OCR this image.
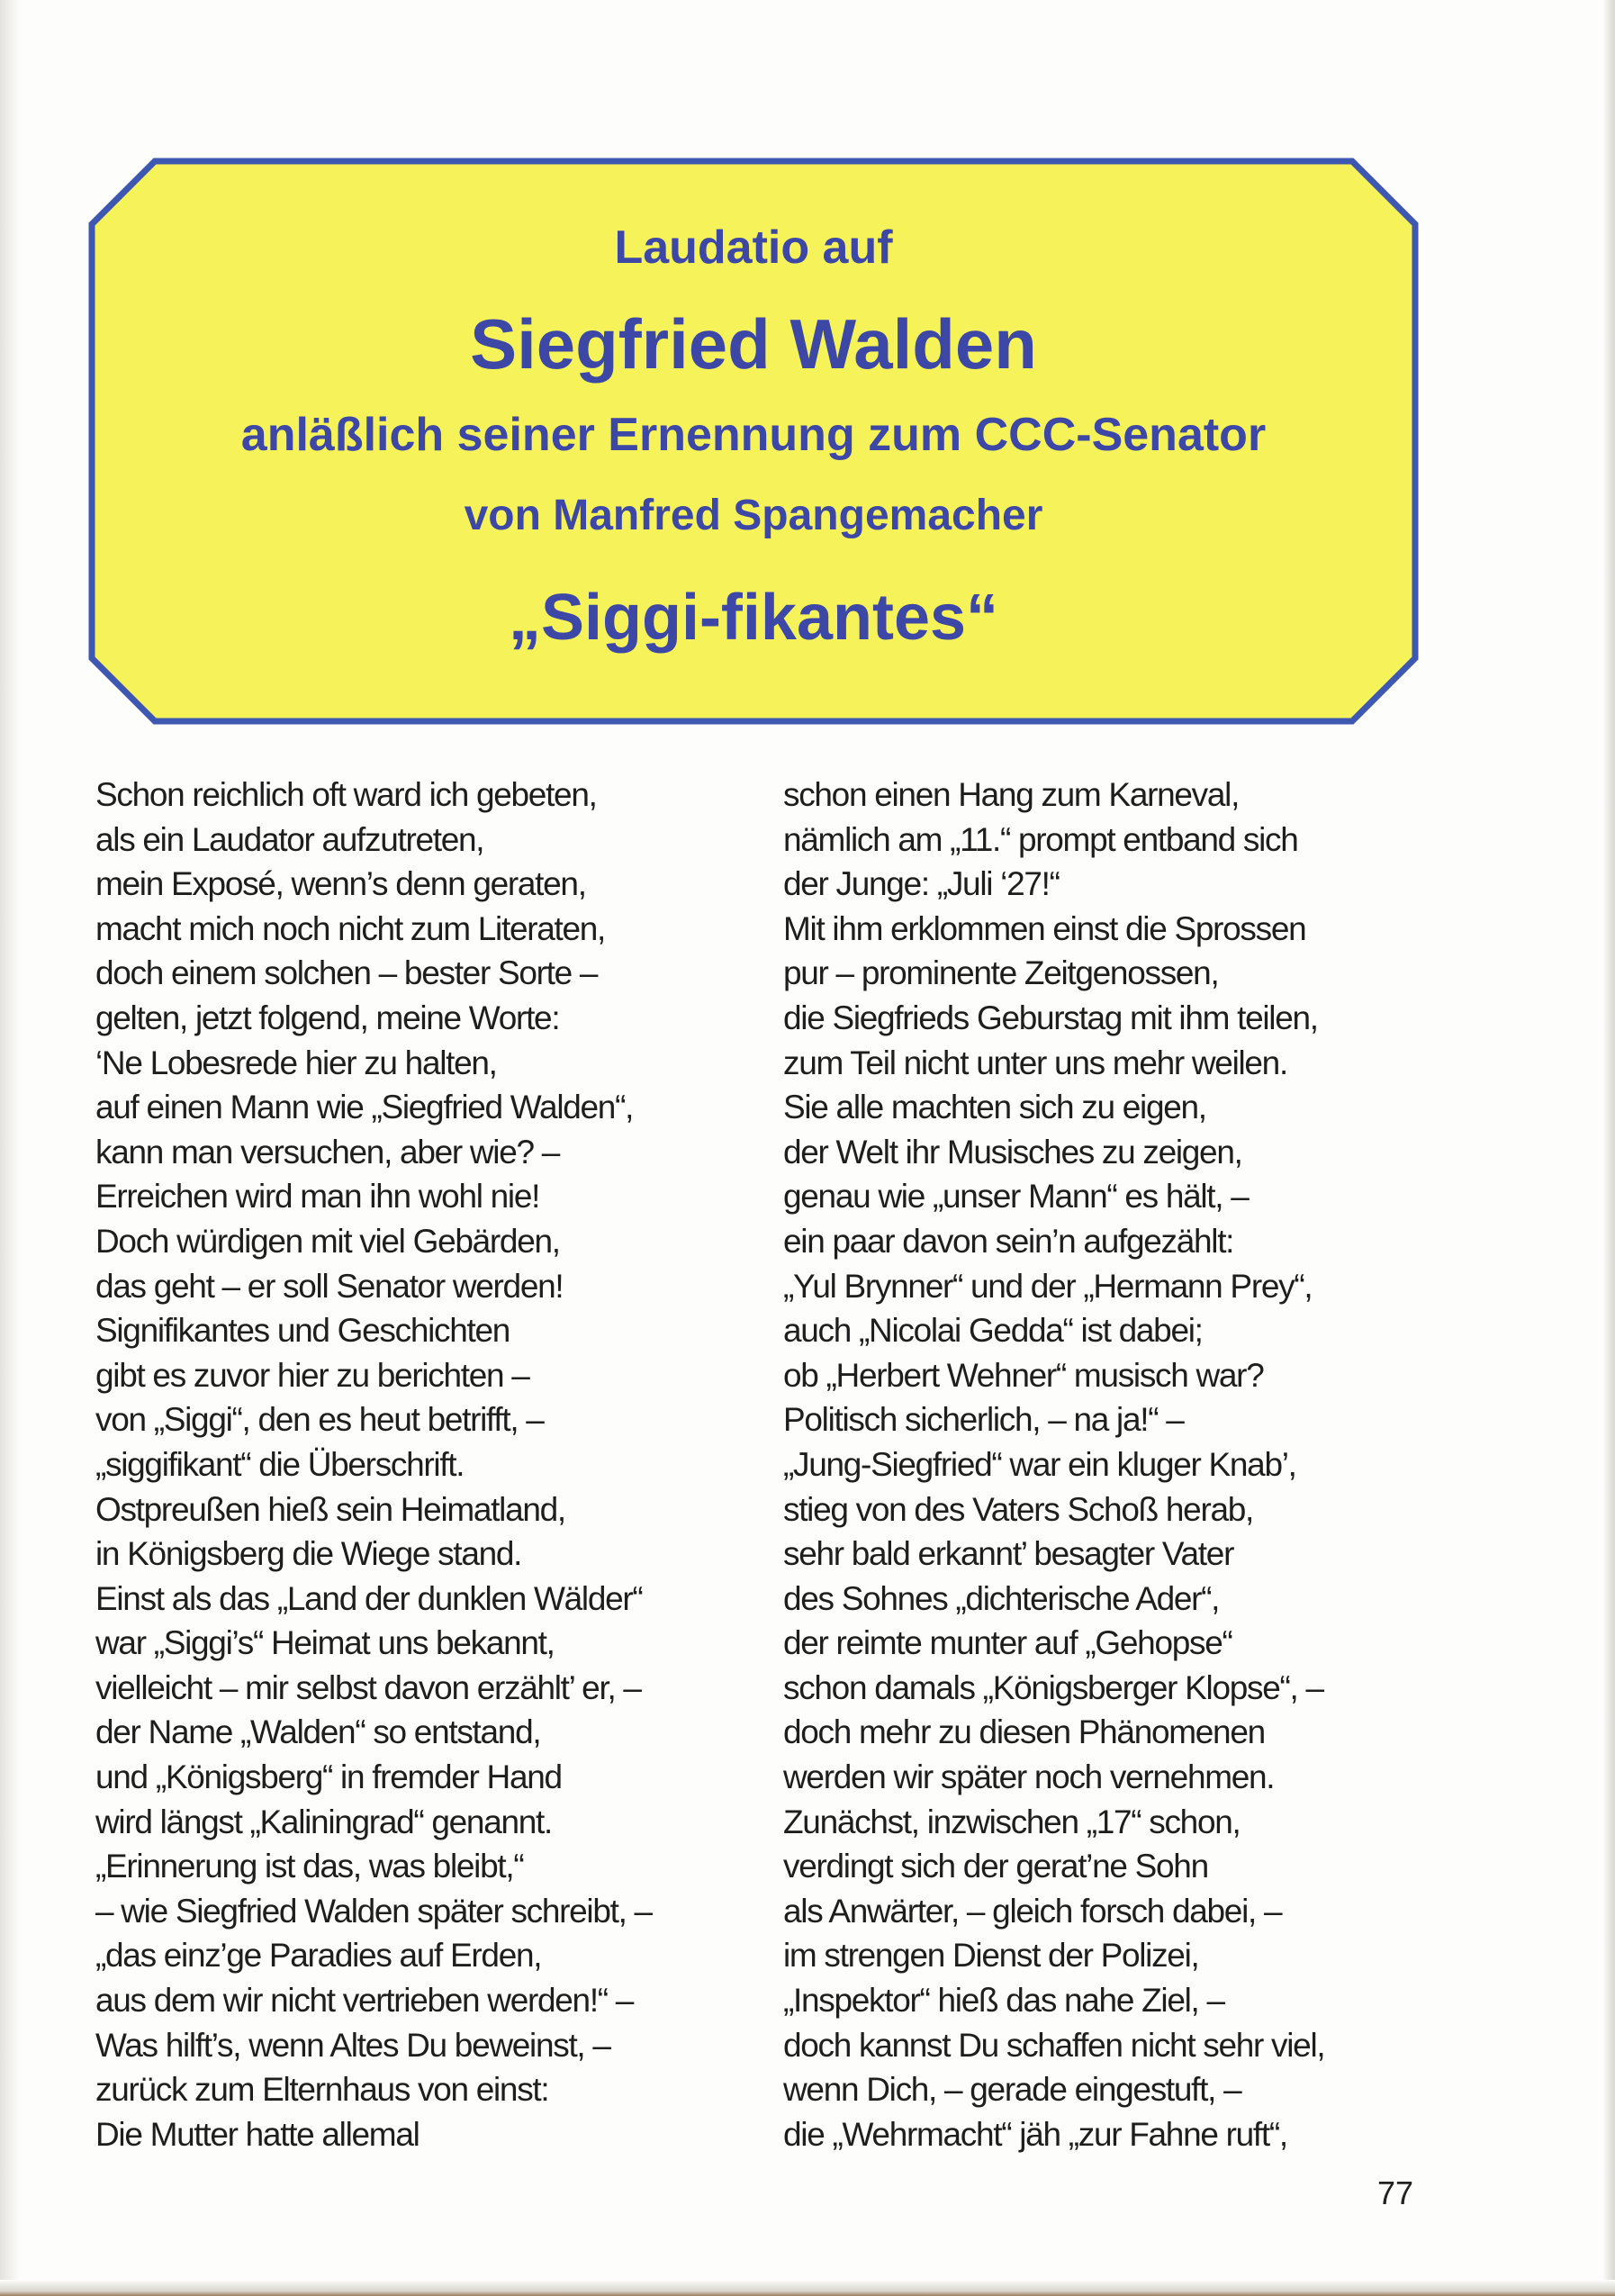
Laudatio auf
Siegfried Walden
anläßlich seiner Ernennung zum CCC-Senator
von Manfred Spangemacher
„Siggi-fikantes“
Schon reichlich oft ward ich gebeten,
als ein Laudator aufzutreten,
mein Exposé, wenn’s denn geraten,
macht mich noch nicht zum Literaten,
doch einem solchen – bester Sorte –
gelten, jetzt folgend, meine Worte:
‘Ne Lobesrede hier zu halten,
auf einen Mann wie „Siegfried Walden“,
kann man versuchen, aber wie? –
Erreichen wird man ihn wohl nie!
Doch würdigen mit viel Gebärden,
das geht – er soll Senator werden!
Signifikantes und Geschichten
gibt es zuvor hier zu berichten –
von „Siggi“, den es heut betrifft, –
„siggifikant“ die Überschrift.
Ostpreußen hieß sein Heimatland,
in Königsberg die Wiege stand.
Einst als das „Land der dunklen Wälder“
war „Siggi’s“ Heimat uns bekannt,
vielleicht – mir selbst davon erzählt’ er, –
der Name „Walden“ so entstand,
und „Königsberg“ in fremder Hand
wird längst „Kaliningrad“ genannt.
„Erinnerung ist das, was bleibt,“
– wie Siegfried Walden später schreibt, –
„das einz’ge Paradies auf Erden,
aus dem wir nicht vertrieben werden!“ –
Was hilft’s, wenn Altes Du beweinst, –
zurück zum Elternhaus von einst:
Die Mutter hatte allemal
schon einen Hang zum Karneval,
nämlich am „11.“ prompt entband sich
der Junge: „Juli ‘27!“
Mit ihm erklommen einst die Sprossen
pur – prominente Zeitgenossen,
die Siegfrieds Geburstag mit ihm teilen,
zum Teil nicht unter uns mehr weilen.
Sie alle machten sich zu eigen,
der Welt ihr Musisches zu zeigen,
genau wie „unser Mann“ es hält, –
ein paar davon sein’n aufgezählt:
„Yul Brynner“ und der „Hermann Prey“,
auch „Nicolai Gedda“ ist dabei;
ob „Herbert Wehner“ musisch war?
Politisch sicherlich, – na ja!“ –
„Jung-Siegfried“ war ein kluger Knab’,
stieg von des Vaters Schoß herab,
sehr bald erkannt’ besagter Vater
des Sohnes „dichterische Ader“,
der reimte munter auf „Gehopse“
schon damals „Königsberger Klopse“, –
doch mehr zu diesen Phänomenen
werden wir später noch vernehmen.
Zunächst, inzwischen „17“ schon,
verdingt sich der gerat’ne Sohn
als Anwärter, – gleich forsch dabei, –
im strengen Dienst der Polizei,
„Inspektor“ hieß das nahe Ziel, –
doch kannst Du schaffen nicht sehr viel,
wenn Dich, – gerade eingestuft, –
die „Wehrmacht“ jäh „zur Fahne ruft“,
77
